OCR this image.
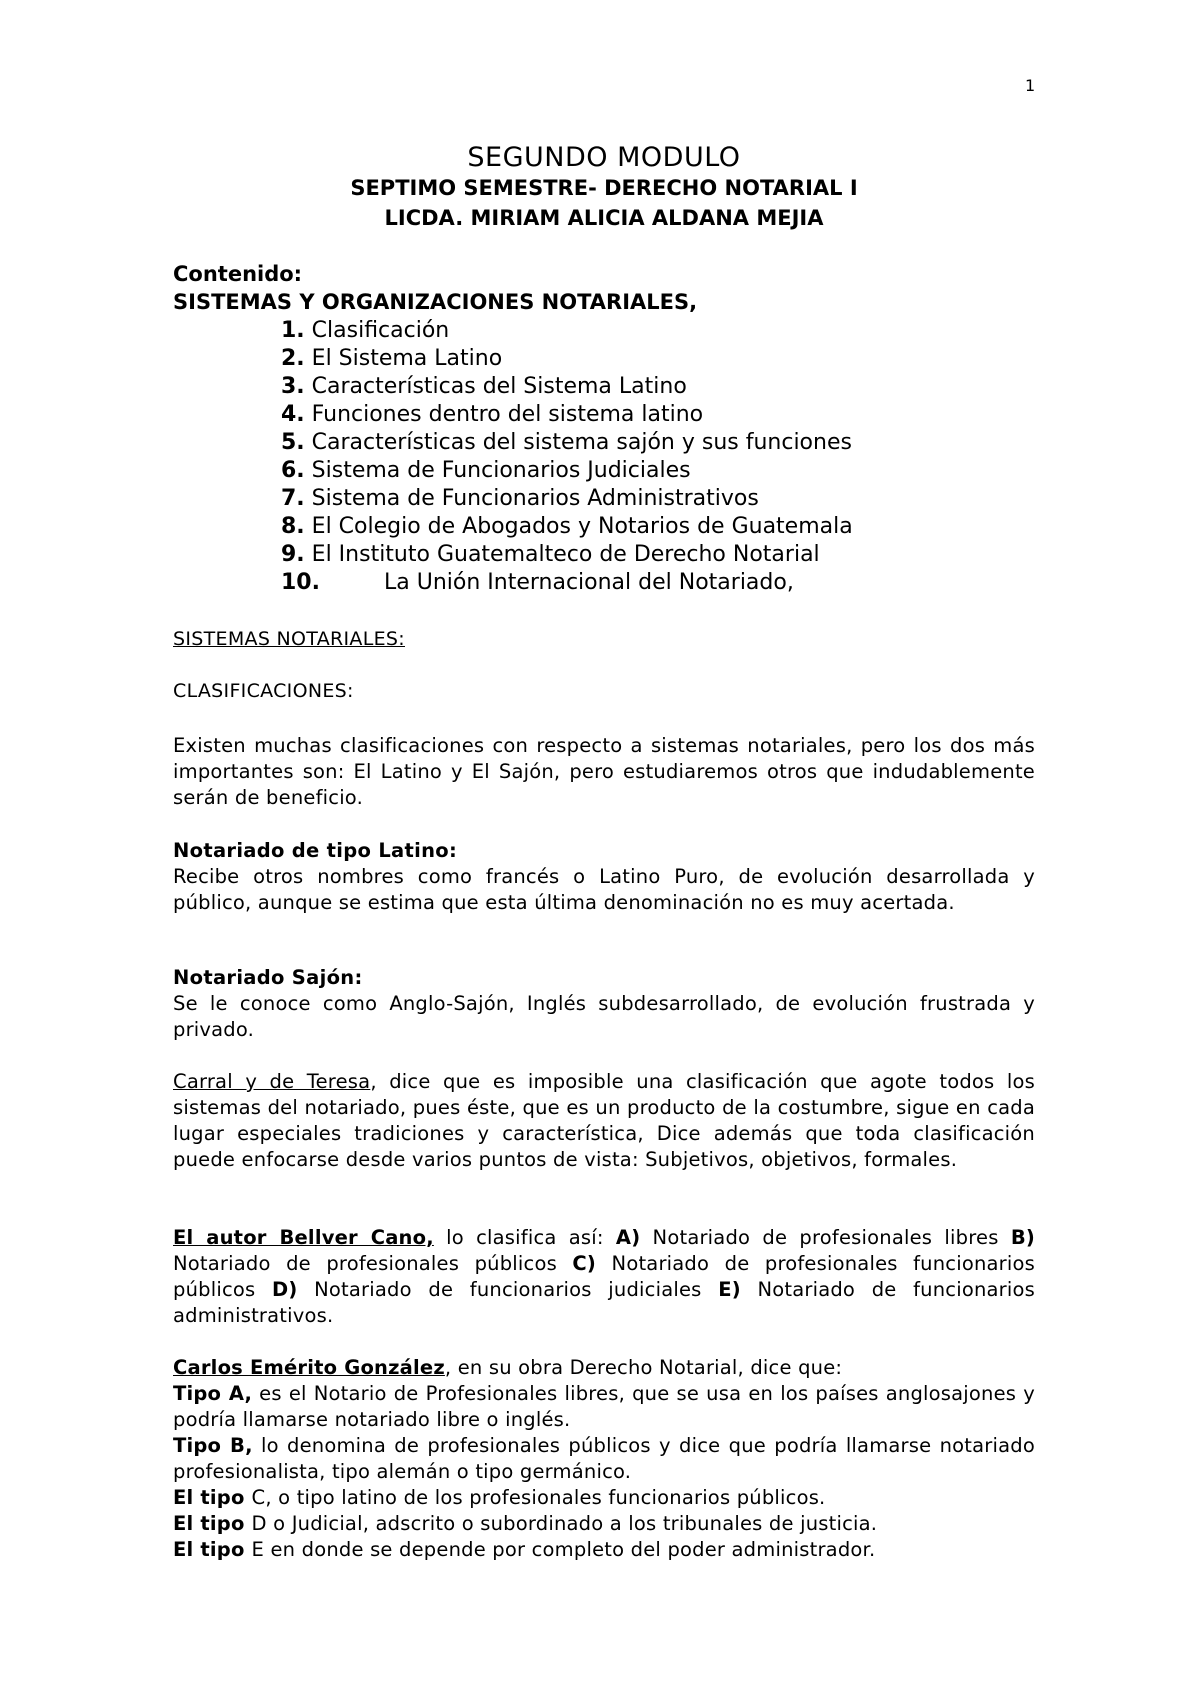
1
SEGUNDO MODULO
SEPTIMO SEMESTRE- DERECHO NOTARIAL I
LICDA. MIRIAM ALICIA ALDANA MEJIA
Contenido:
SISTEMAS Y ORGANIZACIONES NOTARIALES,
1. Clasificación
2. El Sistema Latino
3. Características del Sistema Latino
4. Funciones dentro del sistema latino
5. Características del sistema sajón y sus funciones
6. Sistema de Funcionarios Judiciales
7. Sistema de Funcionarios Administrativos
8. El Colegio de Abogados y Notarios de Guatemala
9. El Instituto Guatemalteco de Derecho Notarial
10.	La Unión Internacional del Notariado,
SISTEMAS NOTARIALES:
CLASIFICACIONES:
Existen muchas clasificaciones con respecto a sistemas notariales, pero los dos más importantes son: El Latino y El Sajón, pero estudiaremos otros que indudablemente serán de beneficio.
Notariado de tipo Latino:
Recibe otros nombres como francés o Latino Puro, de evolución desarrollada y público, aunque se estima que esta última denominación no es muy acertada.
Notariado Sajón:
Se le conoce como Anglo-Sajón, Inglés subdesarrollado, de evolución frustrada y privado.
Carral y de Teresa, dice que es imposible una clasificación que agote todos los sistemas del notariado, pues éste, que es un producto de la costumbre, sigue en cada lugar especiales tradiciones y característica, Dice además que toda clasificación puede enfocarse desde varios puntos de vista: Subjetivos, objetivos, formales.
El autor Bellver Cano, lo clasifica así: A) Notariado de profesionales libres B) Notariado de profesionales públicos C) Notariado de profesionales funcionarios públicos D) Notariado de funcionarios judiciales E) Notariado de funcionarios administrativos.
Carlos Emérito González, en su obra Derecho Notarial, dice que:
Tipo A, es el Notario de Profesionales libres, que se usa en los países anglosajones y podría llamarse notariado libre o inglés.
Tipo B, lo denomina de profesionales públicos y dice que podría llamarse notariado profesionalista, tipo alemán o tipo germánico.
El tipo C, o tipo latino de los profesionales funcionarios públicos.
El tipo D o Judicial, adscrito o subordinado a los tribunales de justicia.
El tipo E en donde se depende por completo del poder administrador.
